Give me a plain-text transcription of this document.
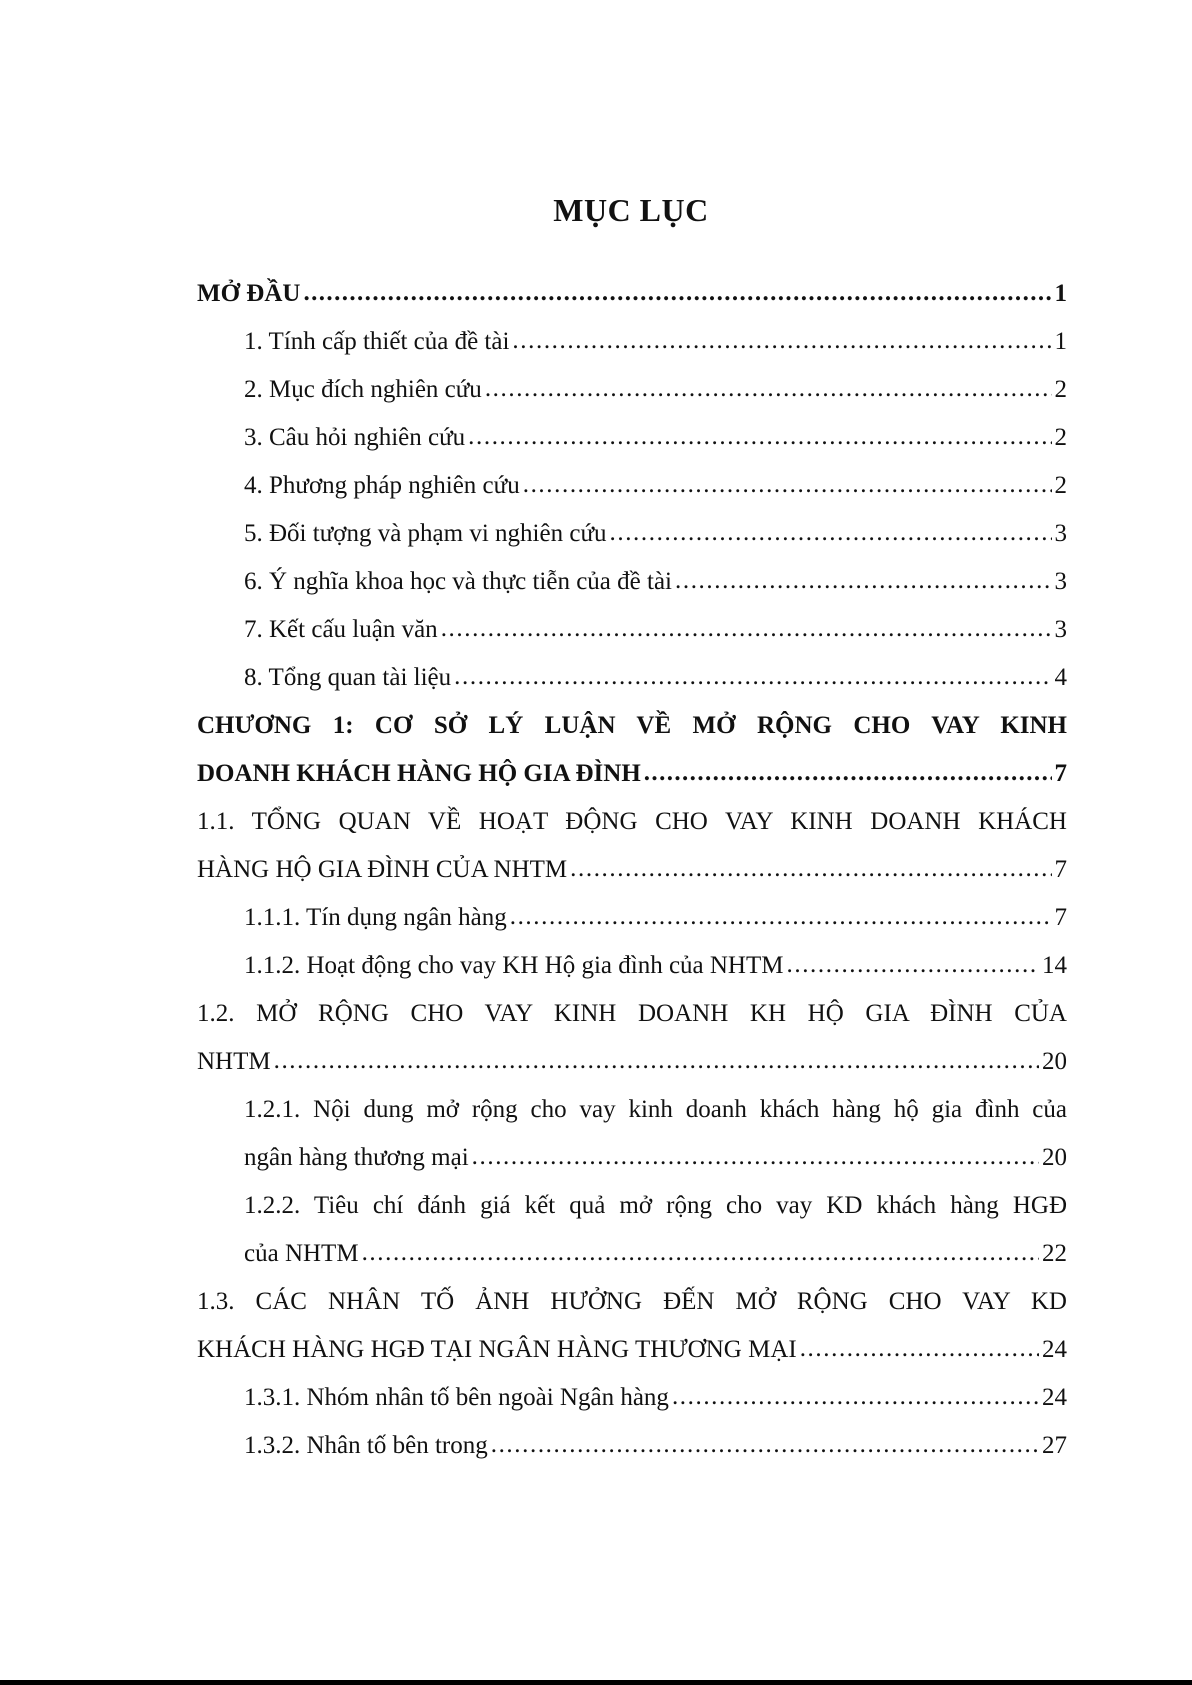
MỤC LỤC
MỞ ĐẦU .....	1
1. Tính cấp thiết của đề tài .....	1
2. Mục đích nghiên cứu .....	2
3. Câu hỏi nghiên cứu .....	2
4. Phương pháp nghiên cứu .....	2
5. Đối tượng và phạm vi nghiên cứu .....	3
6. Ý nghĩa khoa học và thực tiễn của đề tài .....	3
7. Kết cấu luận văn .....	3
8. Tổng quan tài liệu .....	4
CHƯƠNG 1: CƠ SỞ LÝ LUẬN VỀ MỞ RỘNG CHO VAY KINH
DOANH KHÁCH HÀNG HỘ GIA ĐÌNH .....	7
1.1. TỔNG QUAN VỀ HOẠT ĐỘNG CHO VAY KINH DOANH KHÁCH
HÀNG HỘ GIA ĐÌNH CỦA NHTM .....	7
1.1.1. Tín dụng ngân hàng .....	7
1.1.2. Hoạt động cho vay KH Hộ gia đình của NHTM .....	14
1.2. MỞ RỘNG CHO VAY KINH DOANH KH HỘ GIA ĐÌNH CỦA
NHTM .....	20
1.2.1. Nội dung mở rộng cho vay kinh doanh khách hàng hộ gia đình của
ngân hàng thương mại .....	20
1.2.2. Tiêu chí đánh giá kết quả mở rộng cho vay KD khách hàng HGĐ
của NHTM .....	22
1.3. CÁC NHÂN TỐ ẢNH HƯỞNG ĐẾN MỞ RỘNG CHO VAY KD
KHÁCH HÀNG HGĐ TẠI NGÂN HÀNG THƯƠNG MẠI .....	24
1.3.1. Nhóm nhân tố bên ngoài Ngân hàng .....	24
1.3.2. Nhân tố bên trong .....	27
